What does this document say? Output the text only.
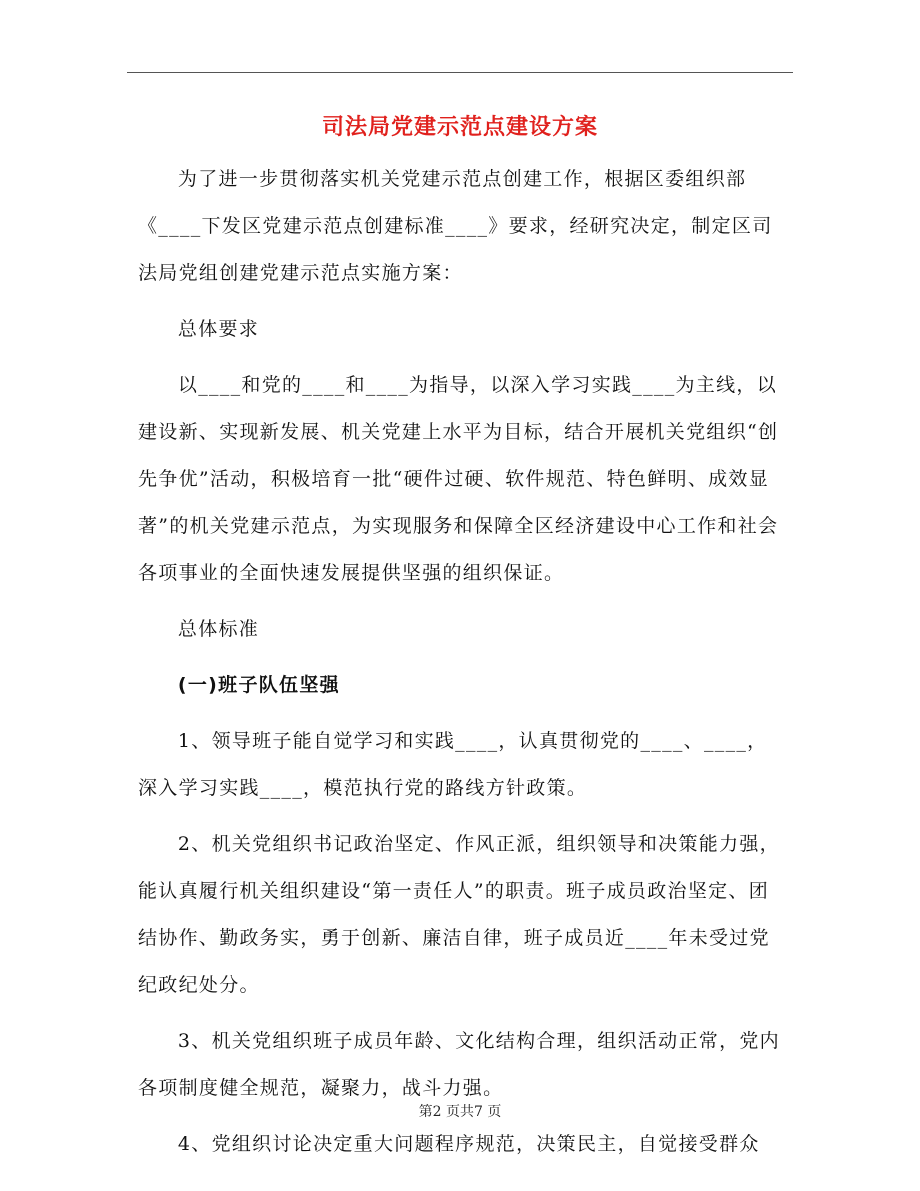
司法局党建示范点建设方案

为了进一步贯彻落实机关党建示范点创建工作，根据区委组织部《____下发区党建示范点创建标准____》要求，经研究决定，制定区司法局党组创建党建示范点实施方案：

总体要求

以____和党的____和____为指导，以深入学习实践____为主线，以建设新、实现新发展、机关党建上水平为目标，结合开展机关党组织“创先争优”活动，积极培育一批“硬件过硬、软件规范、特色鲜明、成效显著”的机关党建示范点，为实现服务和保障全区经济建设中心工作和社会各项事业的全面快速发展提供坚强的组织保证。

总体标准

(一)班子队伍坚强

1、领导班子能自觉学习和实践____，认真贯彻党的____、____，深入学习实践____，模范执行党的路线方针政策。

2、机关党组织书记政治坚定、作风正派，组织领导和决策能力强，能认真履行机关组织建设“第一责任人”的职责。班子成员政治坚定、团结协作、勤政务实，勇于创新、廉洁自律，班子成员近____年未受过党纪政纪处分。

3、机关党组织班子成员年龄、文化结构合理，组织活动正常，党内各项制度健全规范，凝聚力，战斗力强。

4、党组织讨论决定重大问题程序规范，决策民主，自觉接受群众

第2 页共7 页
